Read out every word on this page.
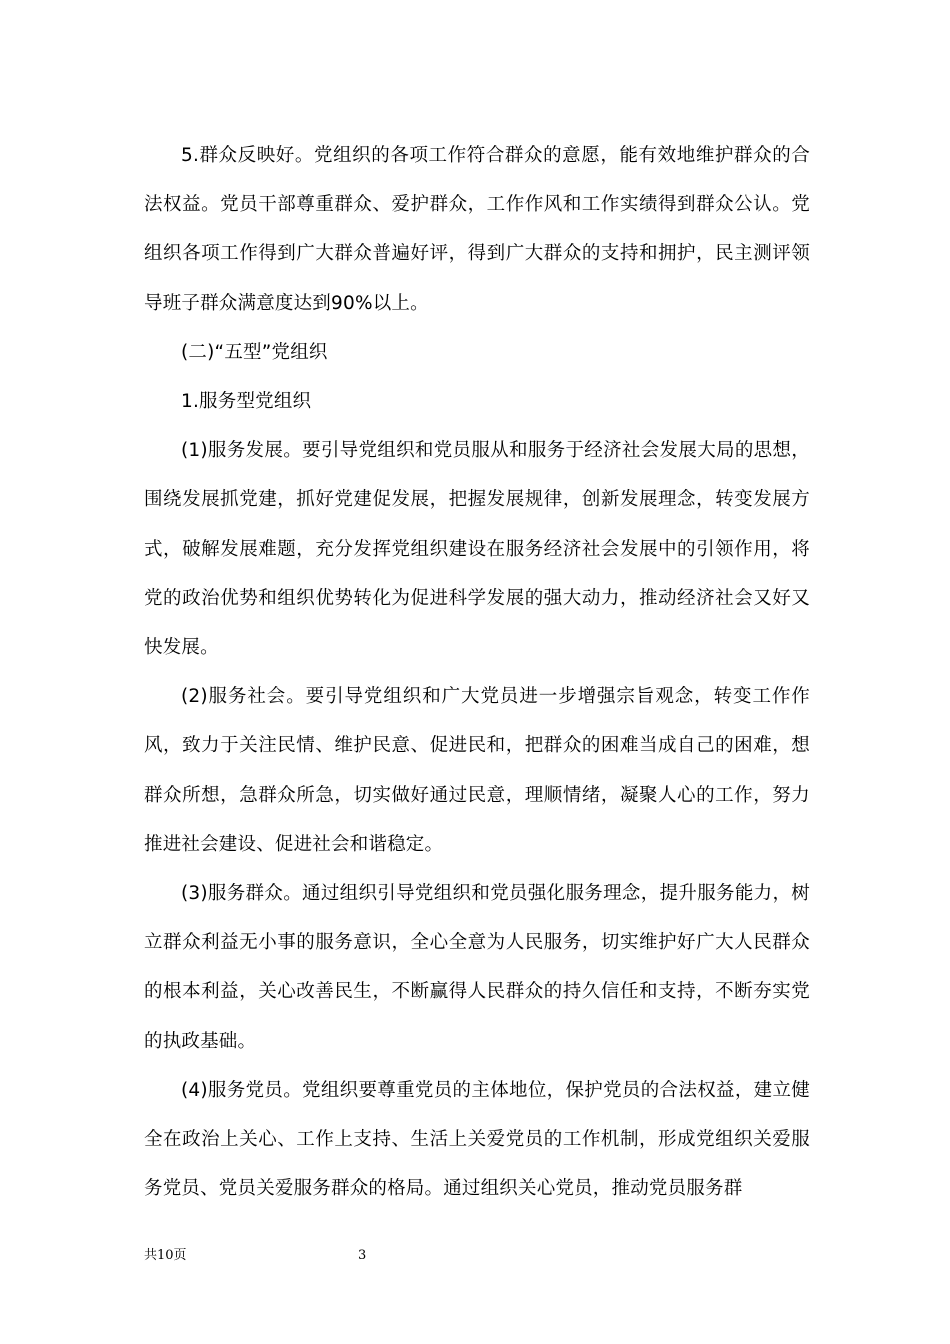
5.群众反映好。党组织的各项工作符合群众的意愿，能有效地维护群众的合法权益。党员干部尊重群众、爱护群众，工作作风和工作实绩得到群众公认。党组织各项工作得到广大群众普遍好评，得到广大群众的支持和拥护，民主测评领导班子群众满意度达到90%以上。

(二)“五型”党组织

1.服务型党组织

(1)服务发展。要引导党组织和党员服从和服务于经济社会发展大局的思想，围绕发展抓党建，抓好党建促发展，把握发展规律，创新发展理念，转变发展方式，破解发展难题，充分发挥党组织建设在服务经济社会发展中的引领作用，将党的政治优势和组织优势转化为促进科学发展的强大动力，推动经济社会又好又快发展。

(2)服务社会。要引导党组织和广大党员进一步增强宗旨观念，转变工作作风，致力于关注民情、维护民意、促进民和，把群众的困难当成自己的困难，想群众所想，急群众所急，切实做好通过民意，理顺情绪，凝聚人心的工作，努力推进社会建设、促进社会和谐稳定。

(3)服务群众。通过组织引导党组织和党员强化服务理念，提升服务能力，树立群众利益无小事的服务意识，全心全意为人民服务，切实维护好广大人民群众的根本利益，关心改善民生，不断赢得人民群众的持久信任和支持，不断夯实党的执政基础。

(4)服务党员。党组织要尊重党员的主体地位，保护党员的合法权益，建立健全在政治上关心、工作上支持、生活上关爱党员的工作机制，形成党组织关爱服务党员、党员关爱服务群众的格局。通过组织关心党员，推动党员服务群

共10页	3
